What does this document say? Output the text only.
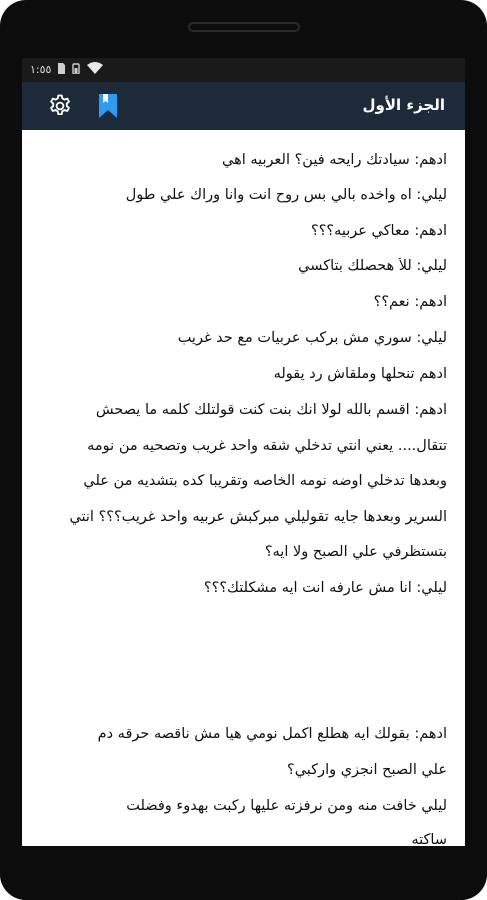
١:٥٥
الجزء الأول
ادهم: سيادتك رايحه فين؟ العربيه اهي
ليلي: اه واخده بالي بس روح انت وانا وراك علي طول
ادهم: معاكي عربيه؟؟؟
ليلي: للأ هحصلك بتاكسي
ادهم: نعم؟؟
ليلي: سوري مش بركب عربيات مع حد غريب
ادهم تنحلها وملقاش رد يقوله
ادهم: اقسم بالله لولا انك بنت كنت قولتلك كلمه ما يصحش
تتقال.... يعني انتي تدخلي شقه واحد غريب وتصحيه من نومه
وبعدها تدخلي اوضه نومه الخاصه وتقريبا كده بتشديه من علي
السرير وبعدها جايه تقوليلي مبركبش عربيه واحد غريب؟؟؟ انتي
بتستظرفي علي الصبح ولا ايه؟
ليلي: انا مش عارفه انت ايه مشكلتك؟؟؟
ادهم: بقولك ايه هطلع اكمل نومي هيا مش ناقصه حرقه دم
علي الصبح انجزي واركبي؟
ليلي خافت منه ومن نرفزته عليها ركبت بهدوء وفضلت
ساكته
